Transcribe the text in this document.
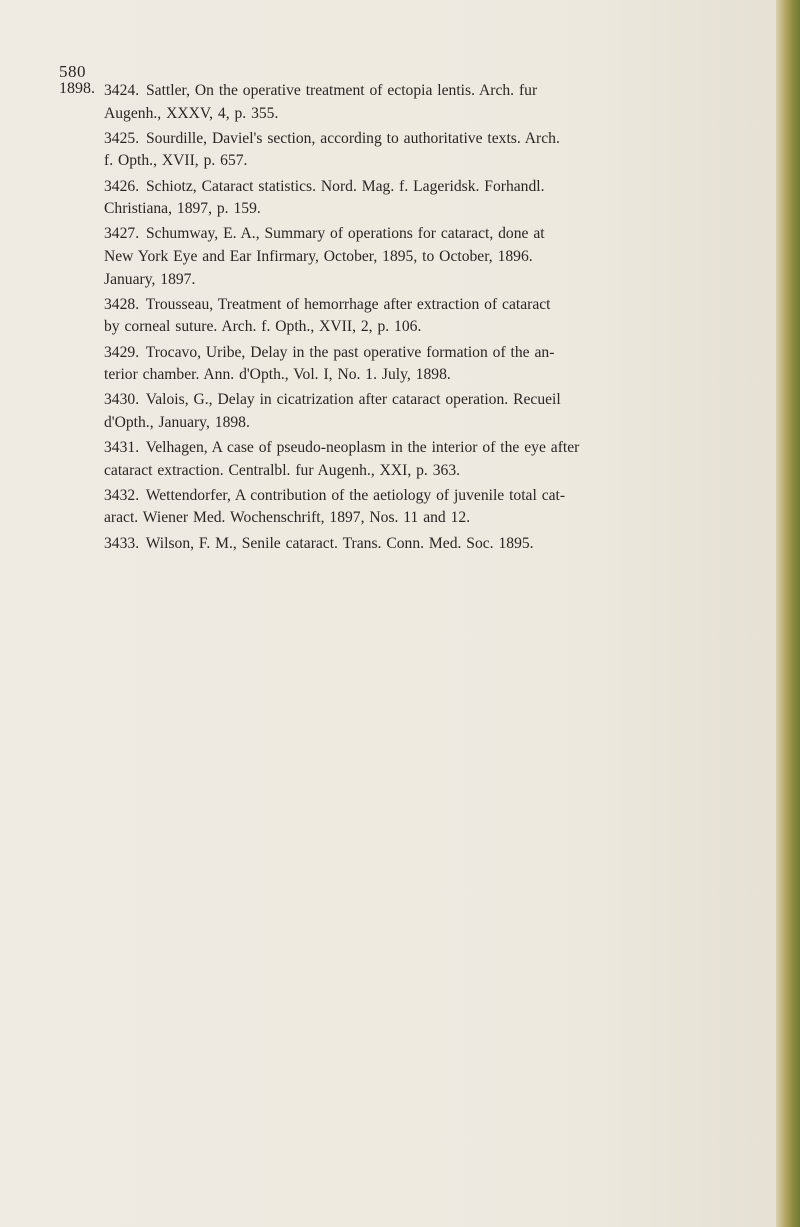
580
1898. 3424. Sattler, On the operative treatment of ectopia lentis. Arch. fur
Augenh., XXXV, 4, p. 355.

3425. Sourdille, Daviel's section, according to authoritative texts. Arch.
f. Opth., XVII, p. 657.

3426. Schiotz, Cataract statistics. Nord. Mag. f. Lageridsk. Forhandl.
Christiana, 1897, p. 159.

3427. Schumway, E. A., Summary of operations for cataract, done at
New York Eye and Ear Infirmary, October, 1895, to October, 1896.
January, 1897.

3428. Trousseau, Treatment of hemorrhage after extraction of cataract
by corneal suture. Arch. f. Opth., XVII, 2, p. 106.

3429. Trocavo, Uribe, Delay in the past operative formation of the an-
terior chamber. Ann. d'Opth., Vol. I, No. 1. July, 1898.

3430. Valois, G., Delay in cicatrization after cataract operation. Recueil
d'Opth., January, 1898.

3431. Velhagen, A case of pseudo-neoplasm in the interior of the eye after
cataract extraction. Centralbl. fur Augenh., XXI, p. 363.

3432. Wettendorfer, A contribution of the aetiology of juvenile total cat-
aract. Wiener Med. Wochenschrift, 1897, Nos. 11 and 12.

3433. Wilson, F. M., Senile cataract. Trans. Conn. Med. Soc. 1895.
